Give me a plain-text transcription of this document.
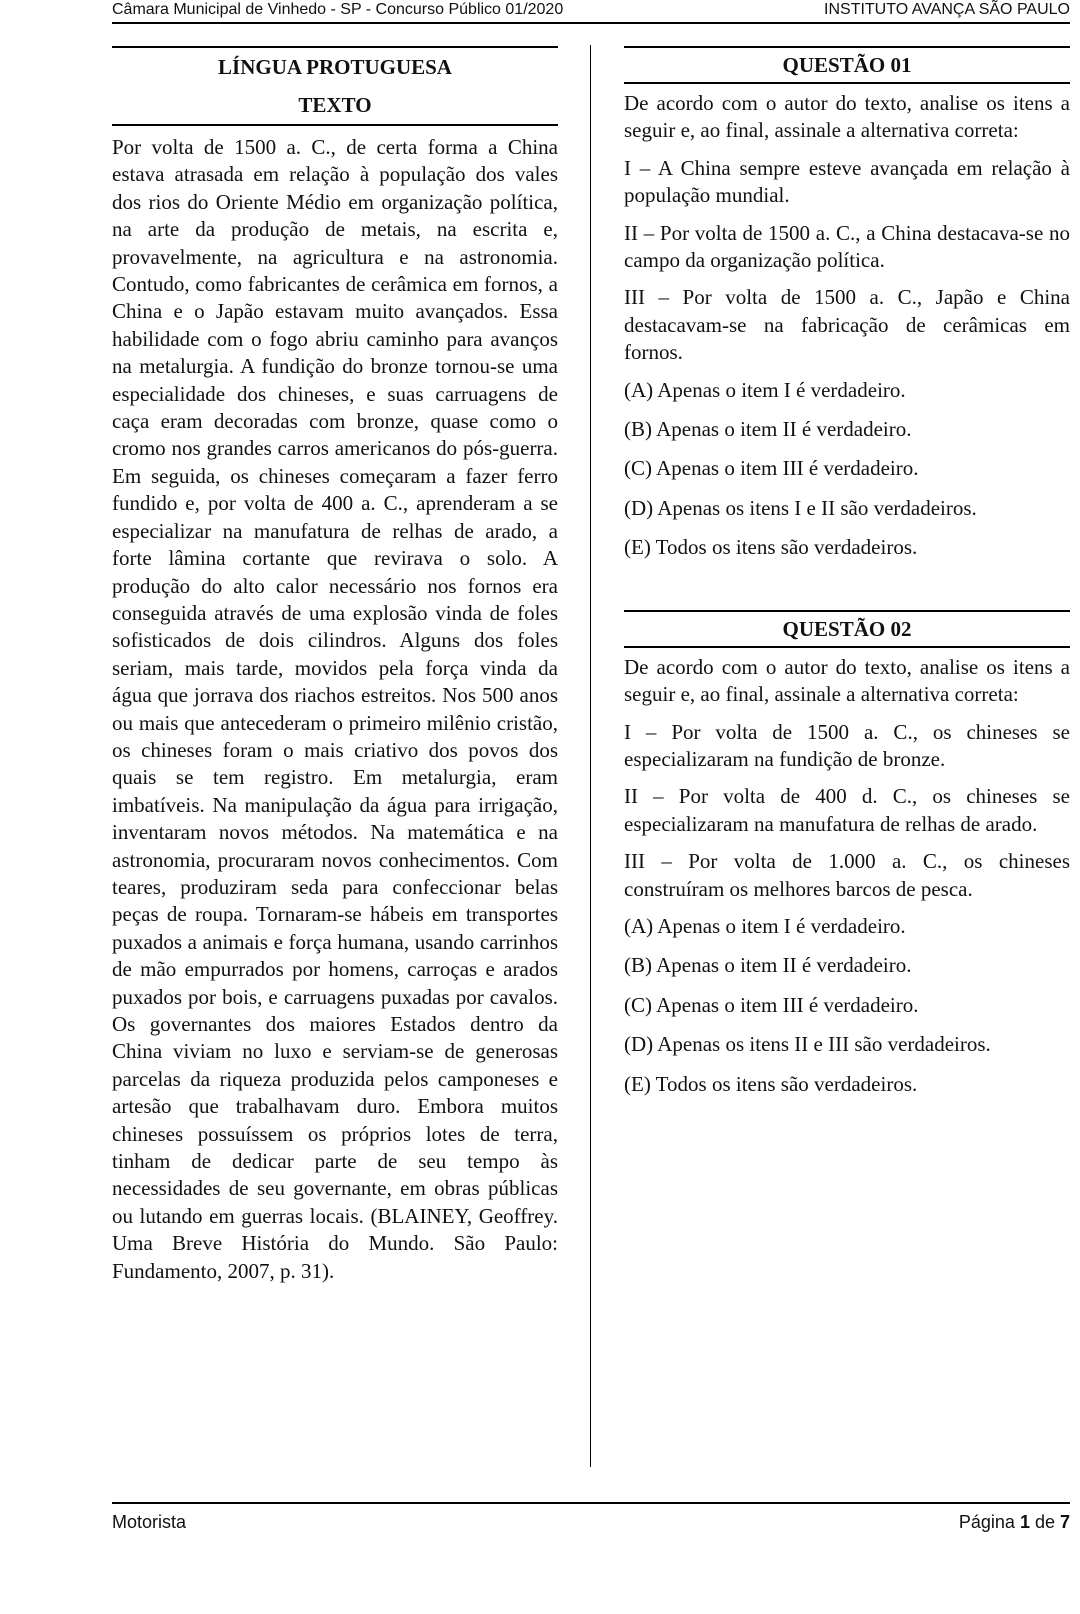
Câmara Municipal de Vinhedo - SP - Concurso Público 01/2020	INSTITUTO AVANÇA SÃO PAULO
LÍNGUA PROTUGUESA
TEXTO
Por volta de 1500 a. C., de certa forma a China estava atrasada em relação à população dos vales dos rios do Oriente Médio em organização política, na arte da produção de metais, na escrita e, provavelmente, na agricultura e na astronomia. Contudo, como fabricantes de cerâmica em fornos, a China e o Japão estavam muito avançados. Essa habilidade com o fogo abriu caminho para avanços na metalurgia. A fundição do bronze tornou-se uma especialidade dos chineses, e suas carruagens de caça eram decoradas com bronze, quase como o cromo nos grandes carros americanos do pós-guerra. Em seguida, os chineses começaram a fazer ferro fundido e, por volta de 400 a. C., aprenderam a se especializar na manufatura de relhas de arado, a forte lâmina cortante que revirava o solo. A produção do alto calor necessário nos fornos era conseguida através de uma explosão vinda de foles sofisticados de dois cilindros. Alguns dos foles seriam, mais tarde, movidos pela força vinda da água que jorrava dos riachos estreitos. Nos 500 anos ou mais que antecederam o primeiro milênio cristão, os chineses foram o mais criativo dos povos dos quais se tem registro. Em metalurgia, eram imbatíveis. Na manipulação da água para irrigação, inventaram novos métodos. Na matemática e na astronomia, procuraram novos conhecimentos. Com teares, produziram seda para confeccionar belas peças de roupa. Tornaram-se hábeis em transportes puxados a animais e força humana, usando carrinhos de mão empurrados por homens, carroças e arados puxados por bois, e carruagens puxadas por cavalos. Os governantes dos maiores Estados dentro da China viviam no luxo e serviam-se de generosas parcelas da riqueza produzida pelos camponeses e artesão que trabalhavam duro. Embora muitos chineses possuíssem os próprios lotes de terra, tinham de dedicar parte de seu tempo às necessidades de seu governante, em obras públicas ou lutando em guerras locais. (BLAINEY, Geoffrey. Uma Breve História do Mundo. São Paulo: Fundamento, 2007, p. 31).
QUESTÃO 01

De acordo com o autor do texto, analise os itens a seguir e, ao final, assinale a alternativa correta:

I – A China sempre esteve avançada em relação à população mundial.

II – Por volta de 1500 a. C., a China destacava-se no campo da organização política.

III – Por volta de 1500 a. C., Japão e China destacavam-se na fabricação de cerâmicas em fornos.

(A) Apenas o item I é verdadeiro.

(B) Apenas o item II é verdadeiro.

(C) Apenas o item III é verdadeiro.

(D) Apenas os itens I e II são verdadeiros.

(E) Todos os itens são verdadeiros.

QUESTÃO 02

De acordo com o autor do texto, analise os itens a seguir e, ao final, assinale a alternativa correta:

I – Por volta de 1500 a. C., os chineses se especializaram na fundição de bronze.

II – Por volta de 400 d. C., os chineses se especializaram na manufatura de relhas de arado.

III – Por volta de 1.000 a. C., os chineses construíram os melhores barcos de pesca.

(A) Apenas o item I é verdadeiro.

(B) Apenas o item II é verdadeiro.

(C) Apenas o item III é verdadeiro.

(D) Apenas os itens II e III são verdadeiros.

(E) Todos os itens são verdadeiros.

Motorista	Página 1 de 7
